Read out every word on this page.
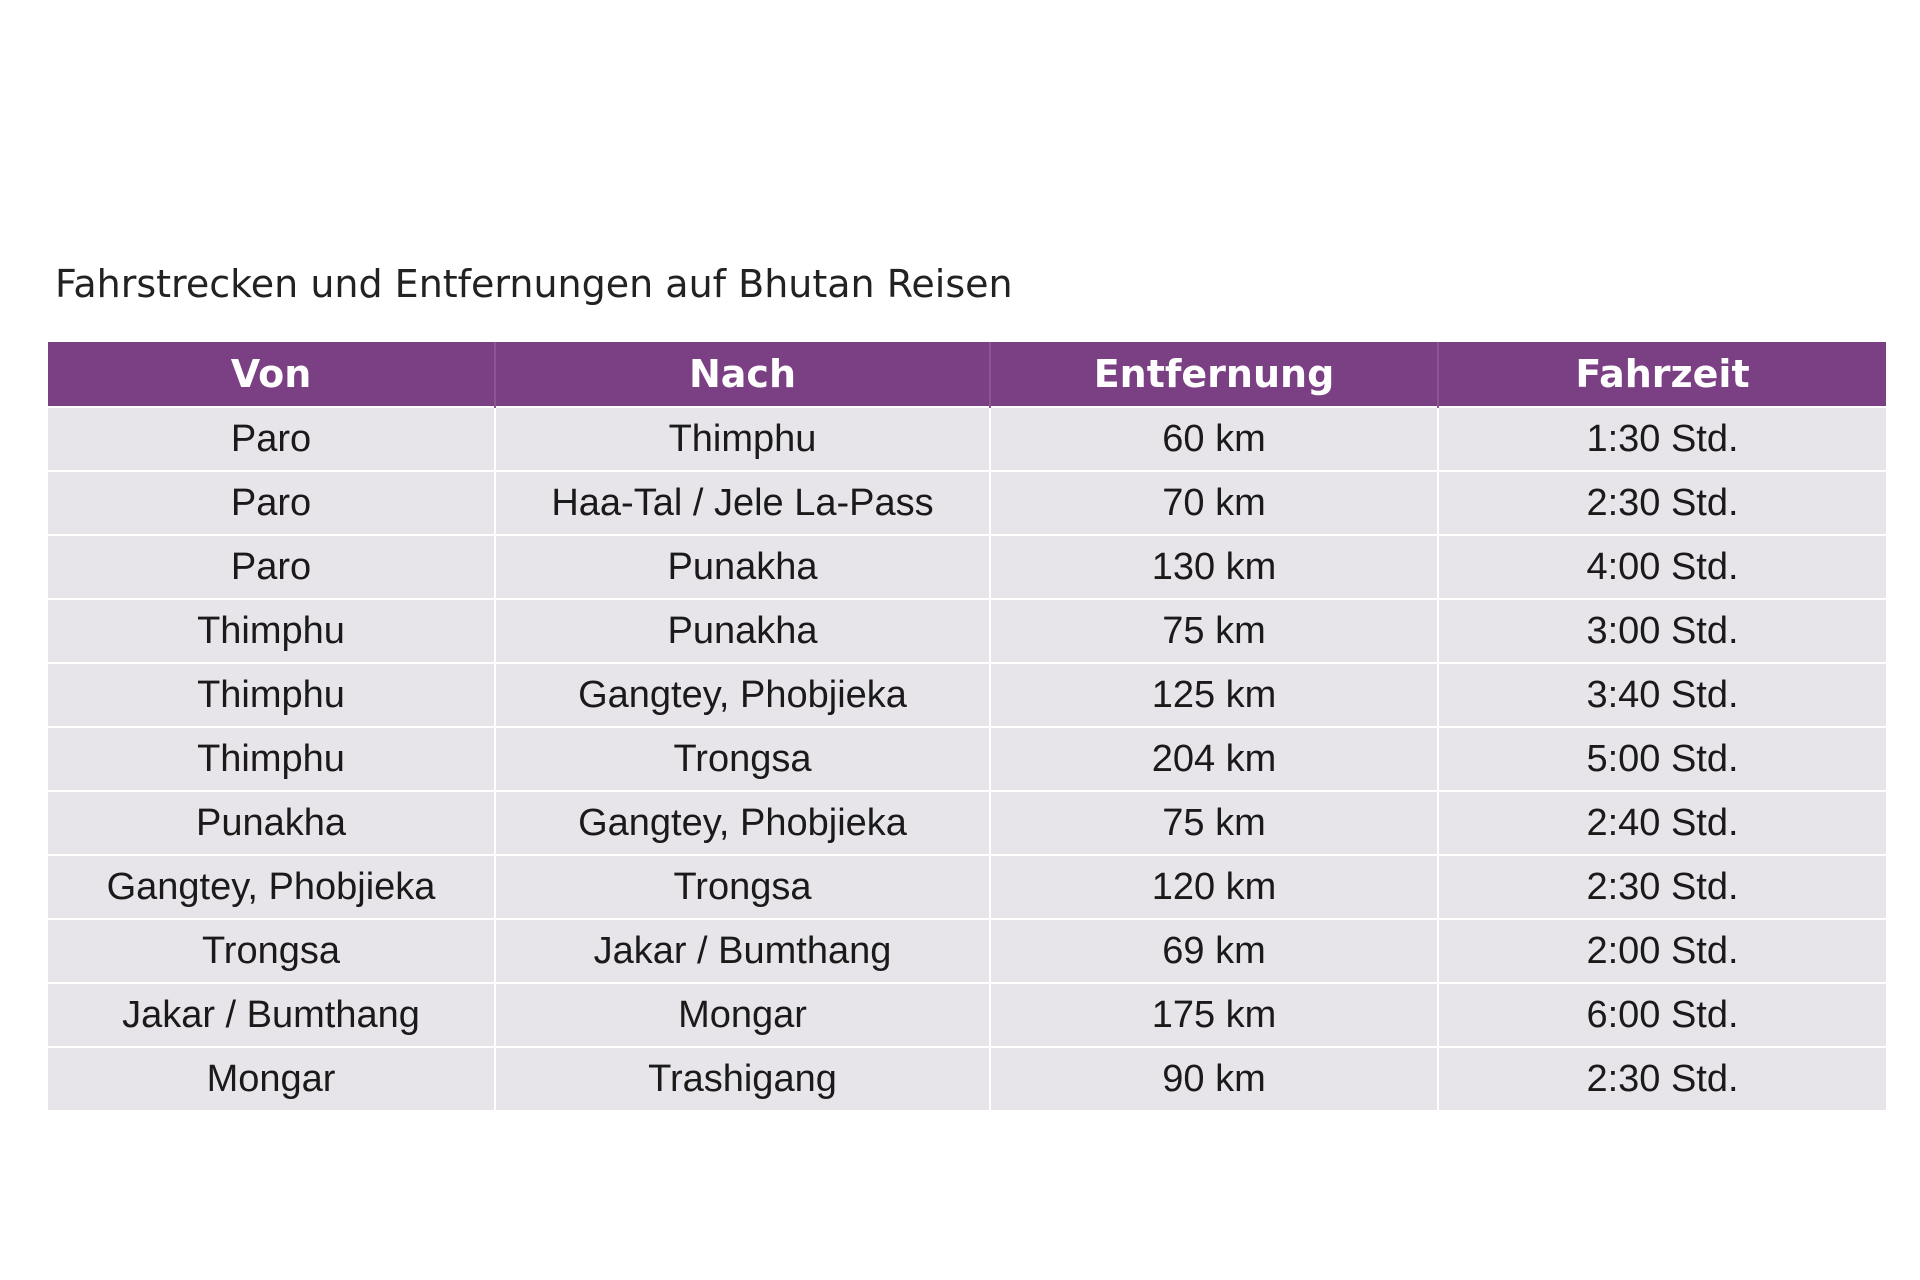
Fahrstrecken und Entfernungen auf Bhutan Reisen
Von	Nach	Entfernung	Fahrzeit
Paro	Thimphu	60 km	1:30 Std.
Paro	Haa-Tal / Jele La-Pass	70 km	2:30 Std.
Paro	Punakha	130 km	4:00 Std.
Thimphu	Punakha	75 km	3:00 Std.
Thimphu	Gangtey, Phobjieka	125 km	3:40 Std.
Thimphu	Trongsa	204 km	5:00 Std.
Punakha	Gangtey, Phobjieka	75 km	2:40 Std.
Gangtey, Phobjieka	Trongsa	120 km	2:30 Std.
Trongsa	Jakar / Bumthang	69 km	2:00 Std.
Jakar / Bumthang	Mongar	175 km	6:00 Std.
Mongar	Trashigang	90 km	2:30 Std.
